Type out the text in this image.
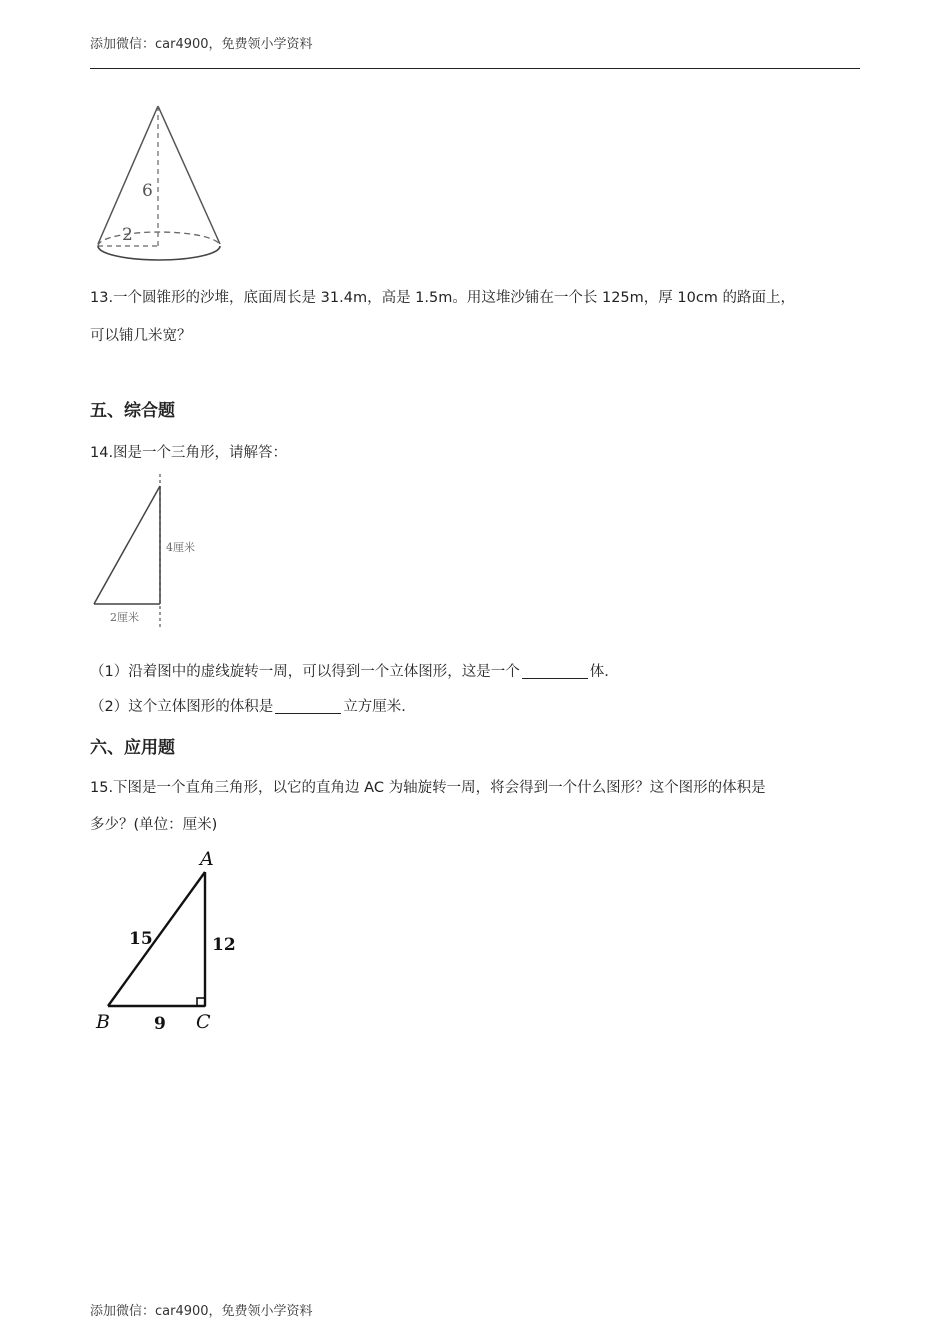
添加微信：car4900，免费领小学资料
6
2
13.一个圆锥形的沙堆，底面周长是 31.4m，高是 1.5m。用这堆沙铺在一个长 125m，厚 10cm 的路面上，
可以铺几米宽？
五、综合题
14.图是一个三角形，请解答：
4厘米
2厘米
（1）沿着图中的虚线旋转一周，可以得到一个立体图形，这是一个	体.
（2）这个立体图形的体积是	立方厘米.
六、应用题
15.下图是一个直角三角形，以它的直角边 AC 为轴旋转一周，将会得到一个什么图形？这个图形的体积是
多少？(单位：厘米)
A
B	C
15	12
9
添加微信：car4900，免费领小学资料
